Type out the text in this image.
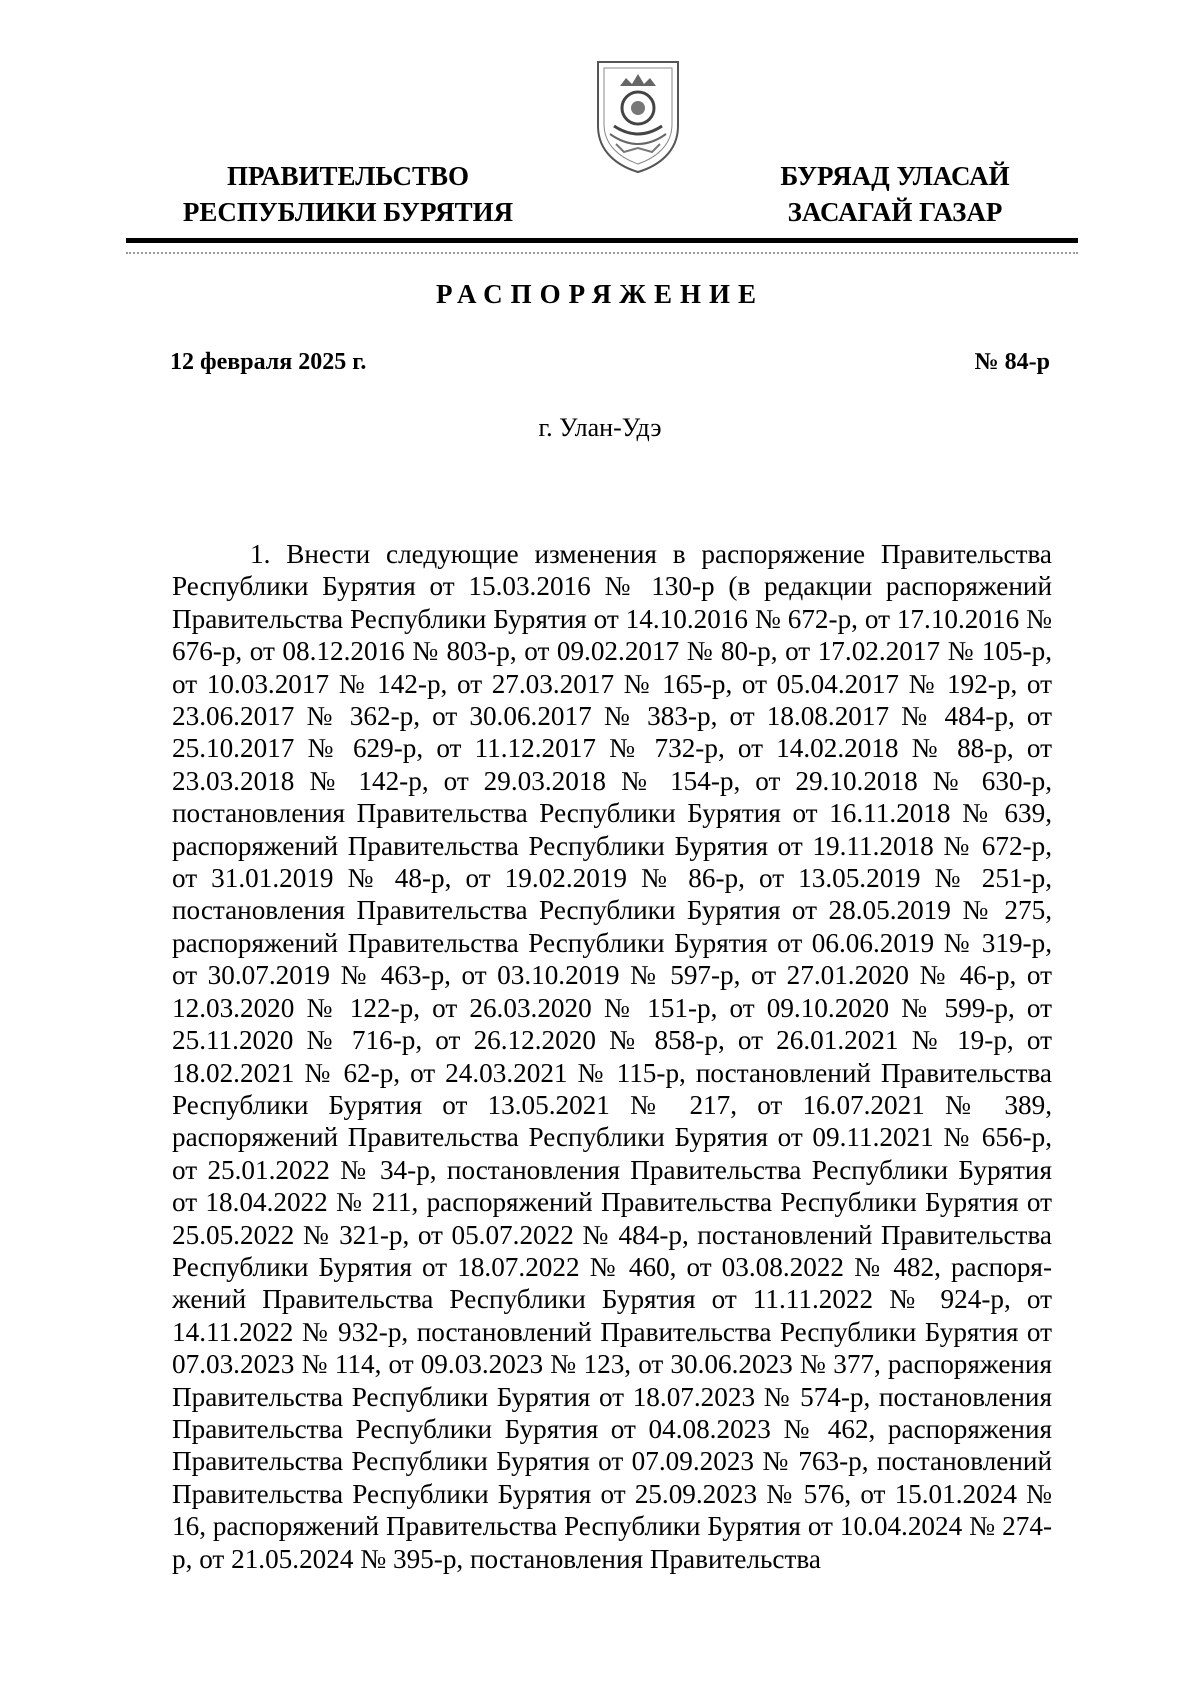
ПРАВИТЕЛЬСТВО
РЕСПУБЛИКИ БУРЯТИЯ
БУРЯАД УЛАСАЙ
ЗАСАГАЙ ГАЗАР
РАСПОРЯЖЕНИЕ
12 февраля 2025 г.	№ 84-р
г. Улан-Удэ

1. Внести следующие изменения в распоряжение Правительства Республики Бурятия от 15.03.2016 № 130-р (в редакции распоряжений Правительства Республики Бурятия от 14.10.2016 № 672-р, от 17.10.2016 № 676-р, от 08.12.2016 № 803-р, от 09.02.2017 № 80-р, от 17.02.2017 № 105-р, от 10.03.2017 № 142-р, от 27.03.2017 № 165-р, от 05.04.2017 № 192-р, от 23.06.2017 № 362-р, от 30.06.2017 № 383-р, от 18.08.2017 № 484-р, от 25.10.2017 № 629-р, от 11.12.2017 № 732-р, от 14.02.2018 № 88-р, от 23.03.2018 № 142-р, от 29.03.2018 № 154-р, от 29.10.2018 № 630-р, постановления Правительства Республики Бурятия от 16.11.2018 № 639, распоряжений Правительства Республики Бурятия от 19.11.2018 № 672-р, от 31.01.2019 № 48-р, от 19.02.2019 № 86-р, от 13.05.2019 № 251-р, постановления Правительства Республики Бурятия от 28.05.2019 № 275, распоряжений Правительства Республики Бурятия от 06.06.2019 № 319-р, от 30.07.2019 № 463-р, от 03.10.2019 № 597-р, от 27.01.2020 № 46-р, от 12.03.2020 № 122-р, от 26.03.2020 № 151-р, от 09.10.2020 № 599-р, от 25.11.2020 № 716-р, от 26.12.2020 № 858-р, от 26.01.2021 № 19-р, от 18.02.2021 № 62-р, от 24.03.2021 № 115-р, постановлений Правительства Республики Бурятия от 13.05.2021 № 217, от 16.07.2021 № 389, распоряжений Правительства Республики Бурятия от 09.11.2021 № 656-р, от 25.01.2022 № 34-р, постановления Правительства Республики Бурятия от 18.04.2022 № 211, распоряжений Правительства Республики Бурятия от 25.05.2022 № 321-р, от 05.07.2022 № 484-р, постановлений Правительства Республики Бурятия от 18.07.2022 № 460, от 03.08.2022 № 482, распоряжений Правительства Республики Бурятия от 11.11.2022 № 924-р, от 14.11.2022 № 932-р, постановлений Правительства Республики Бурятия от 07.03.2023 № 114, от 09.03.2023 № 123, от 30.06.2023 № 377, распоряжения Правительства Республики Бурятия от 18.07.2023 № 574-р, постановления Правительства Республики Бурятия от 04.08.2023 № 462, распоряжения Правительства Республики Бурятия от 07.09.2023 № 763-р, постановлений Правительства Республики Бурятия от 25.09.2023 № 576, от 15.01.2024 № 16, распоряжений Правительства Республики Бурятия от 10.04.2024 № 274-р, от 21.05.2024 № 395-р, постановления Правительства
